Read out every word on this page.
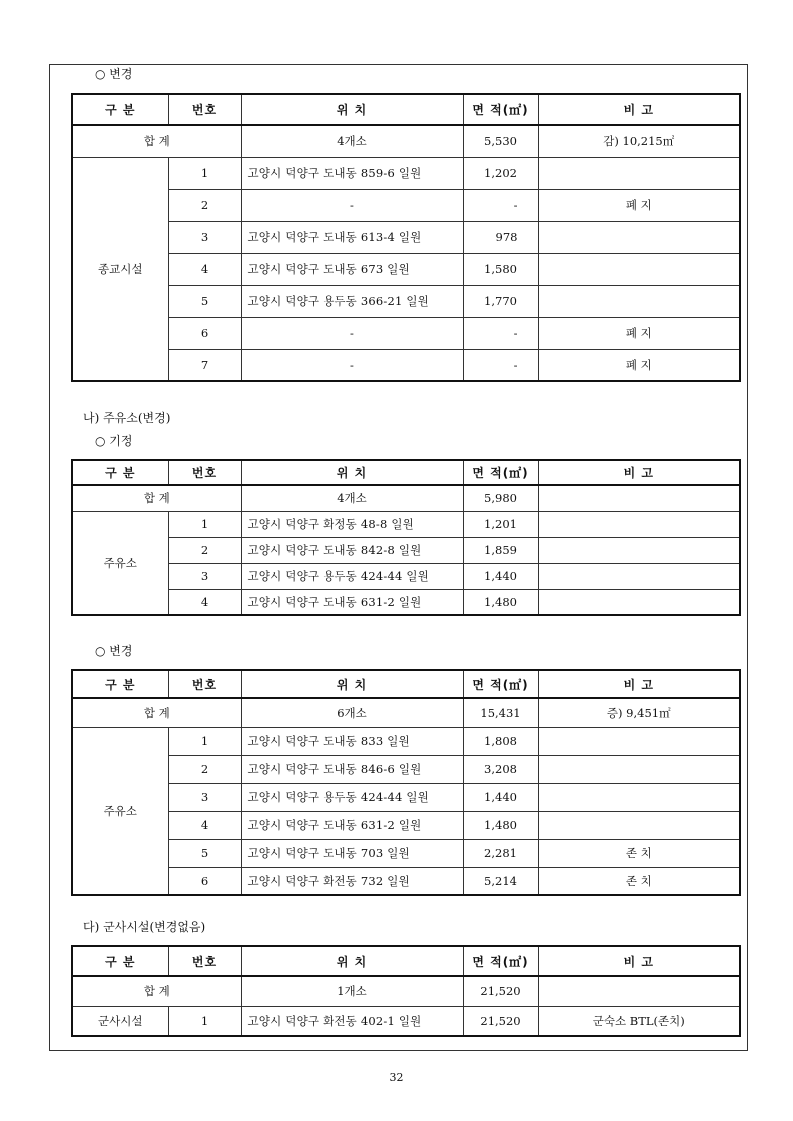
○ 변경
구 분	번호	위 치	면 적(㎡)	비 고
합 계		4개소	5,530	감) 10,215㎡
종교시설	1	고양시 덕양구 도내동 859-6 일원	1,202	
	2	-	-	폐 지
	3	고양시 덕양구 도내동 613-4 일원	978	
	4	고양시 덕양구 도내동 673 일원	1,580	
	5	고양시 덕양구 용두동 366-21 일원	1,770	
	6	-	-	폐 지
	7	-	-	폐 지
나) 주유소(변경)
○ 기정
구 분	번호	위 치	면 적(㎡)	비 고
합 계		4개소	5,980	
주유소	1	고양시 덕양구 화정동 48-8 일원	1,201	
	2	고양시 덕양구 도내동 842-8 일원	1,859	
	3	고양시 덕양구 용두동 424-44 일원	1,440	
	4	고양시 덕양구 도내동 631-2 일원	1,480	
○ 변경
구 분	번호	위 치	면 적(㎡)	비 고
합 계		6개소	15,431	증) 9,451㎡
주유소	1	고양시 덕양구 도내동 833 일원	1,808	
	2	고양시 덕양구 도내동 846-6 일원	3,208	
	3	고양시 덕양구 용두동 424-44 일원	1,440	
	4	고양시 덕양구 도내동 631-2 일원	1,480	
	5	고양시 덕양구 도내동 703 일원	2,281	존 치
	6	고양시 덕양구 화전동 732 일원	5,214	존 치
다) 군사시설(변경없음)
구 분	번호	위 치	면 적(㎡)	비 고
합 계		1개소	21,520	
군사시설	1	고양시 덕양구 화전동 402-1 일원	21,520	군숙소 BTL(존치)
32
